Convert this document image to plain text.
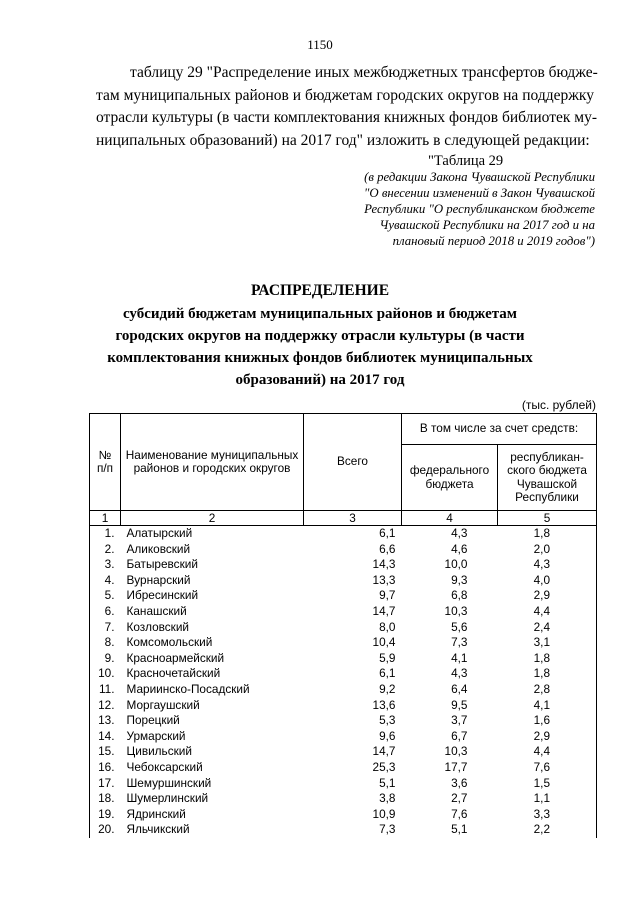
1150

таблицу 29 "Распределение иных межбюджетных трансфертов бюдже-
там муниципальных районов и бюджетам городских округов на поддержку
отрасли культуры (в части комплектования книжных фондов библиотек му-
ниципальных образований) на 2017 год" изложить в следующей редакции:

"Таблица 29
(в редакции Закона Чувашской Республики
"О внесении изменений в Закон Чувашской
Республики "О республиканском бюджете
Чувашской Республики на 2017 год и на
плановый период 2018 и 2019 годов")
РАСПРЕДЕЛЕНИЕ
субсидий бюджетам муниципальных районов и бюджетам
городских округов на поддержку отрасли культуры (в части
комплектования книжных фондов библиотек муниципальных
образований) на 2017 год
(тыс. рублей)
№ п/п	Наименование муниципальных районов и городских округов	Всего	В том числе за счет средств:	
			федерального бюджета	республикан-ского бюджета Чувашской Республики
1	2	3	4	5
1.	Алатырский	6,1	4,3	1,8
2.	Аликовский	6,6	4,6	2,0
3.	Батыревский	14,3	10,0	4,3
4.	Вурнарский	13,3	9,3	4,0
5.	Ибресинский	9,7	6,8	2,9
6.	Канашский	14,7	10,3	4,4
7.	Козловский	8,0	5,6	2,4
8.	Комсомольский	10,4	7,3	3,1
9.	Красноармейский	5,9	4,1	1,8
10.	Красночетайский	6,1	4,3	1,8
11.	Мариинско-Посадский	9,2	6,4	2,8
12.	Моргаушский	13,6	9,5	4,1
13.	Порецкий	5,3	3,7	1,6
14.	Урмарский	9,6	6,7	2,9
15.	Цивильский	14,7	10,3	4,4
16.	Чебоксарский	25,3	17,7	7,6
17.	Шемуршинский	5,1	3,6	1,5
18.	Шумерлинский	3,8	2,7	1,1
19.	Ядринский	10,9	7,6	3,3
20.	Яльчикский	7,3	5,1	2,2
